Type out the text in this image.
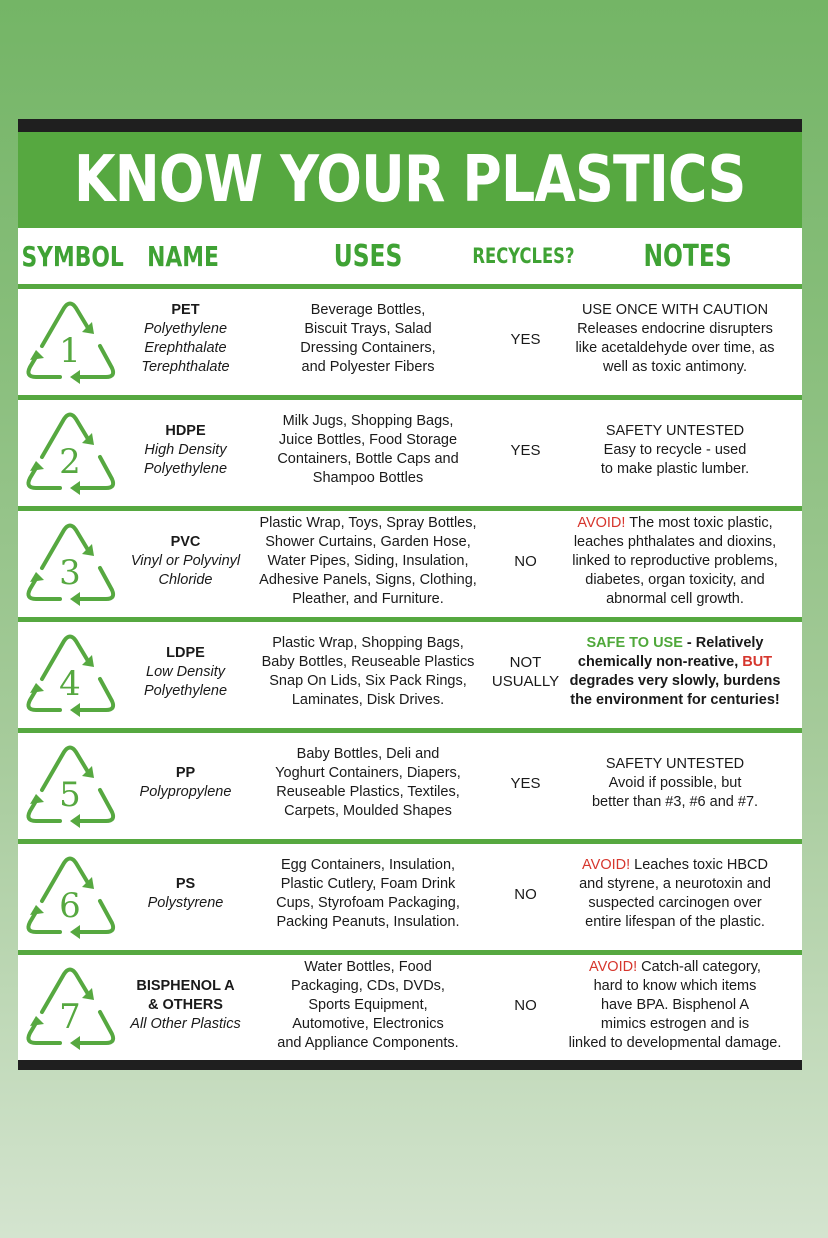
KNOW YOUR PLASTICS
SYMBOL NAME	USES	RECYCLES? NOTES
1
PET
Polyethylene
Erephthalate
Terephthalate
Beverage Bottles,
Biscuit Trays, Salad
Dressing Containers,
and Polyester Fibers
YES
USE ONCE WITH CAUTION
Releases endocrine disrupters
like acetaldehyde over time, as
well as toxic antimony.
2
HDPE
High Density
Polyethylene
Milk Jugs, Shopping Bags,
Juice Bottles, Food Storage
Containers, Bottle Caps and
Shampoo Bottles
YES
SAFETY UNTESTED
Easy to recycle - used
to make plastic lumber.
3
PVC
Vinyl or Polyvinyl
Chloride
Plastic Wrap, Toys, Spray Bottles,
Shower Curtains, Garden Hose,
Water Pipes, Siding, Insulation,
Adhesive Panels, Signs, Clothing,
Pleather, and Furniture.
NO
AVOID! The most toxic plastic,
leaches phthalates and dioxins,
linked to reproductive problems,
diabetes, organ toxicity, and
abnormal cell growth.
4
LDPE
Low Density
Polyethylene
Plastic Wrap, Shopping Bags,
Baby Bottles, Reuseable Plastics
Snap On Lids, Six Pack Rings,
Laminates, Disk Drives.
NOT
USUALLY
SAFE TO USE - Relatively
chemically non-reative, BUT
degrades very slowly, burdens
the environment for centuries!
5
PP
Polypropylene
Baby Bottles, Deli and
Yoghurt Containers, Diapers,
Reuseable Plastics, Textiles,
Carpets, Moulded Shapes
YES
SAFETY UNTESTED
Avoid if possible, but
better than #3, #6 and #7.
6
PS
Polystyrene
Egg Containers, Insulation,
Plastic Cutlery, Foam Drink
Cups, Styrofoam Packaging,
Packing Peanuts, Insulation.
NO
AVOID! Leaches toxic HBCD
and styrene, a neurotoxin and
suspected carcinogen over
entire lifespan of the plastic.
7
BISPHENOL A
& OTHERS
All Other Plastics
Water Bottles, Food
Packaging, CDs, DVDs,
Sports Equipment,
Automotive, Electronics
and Appliance Components.
NO
AVOID! Catch-all category,
hard to know which items
have BPA. Bisphenol A
mimics estrogen and is
linked to developmental damage.
